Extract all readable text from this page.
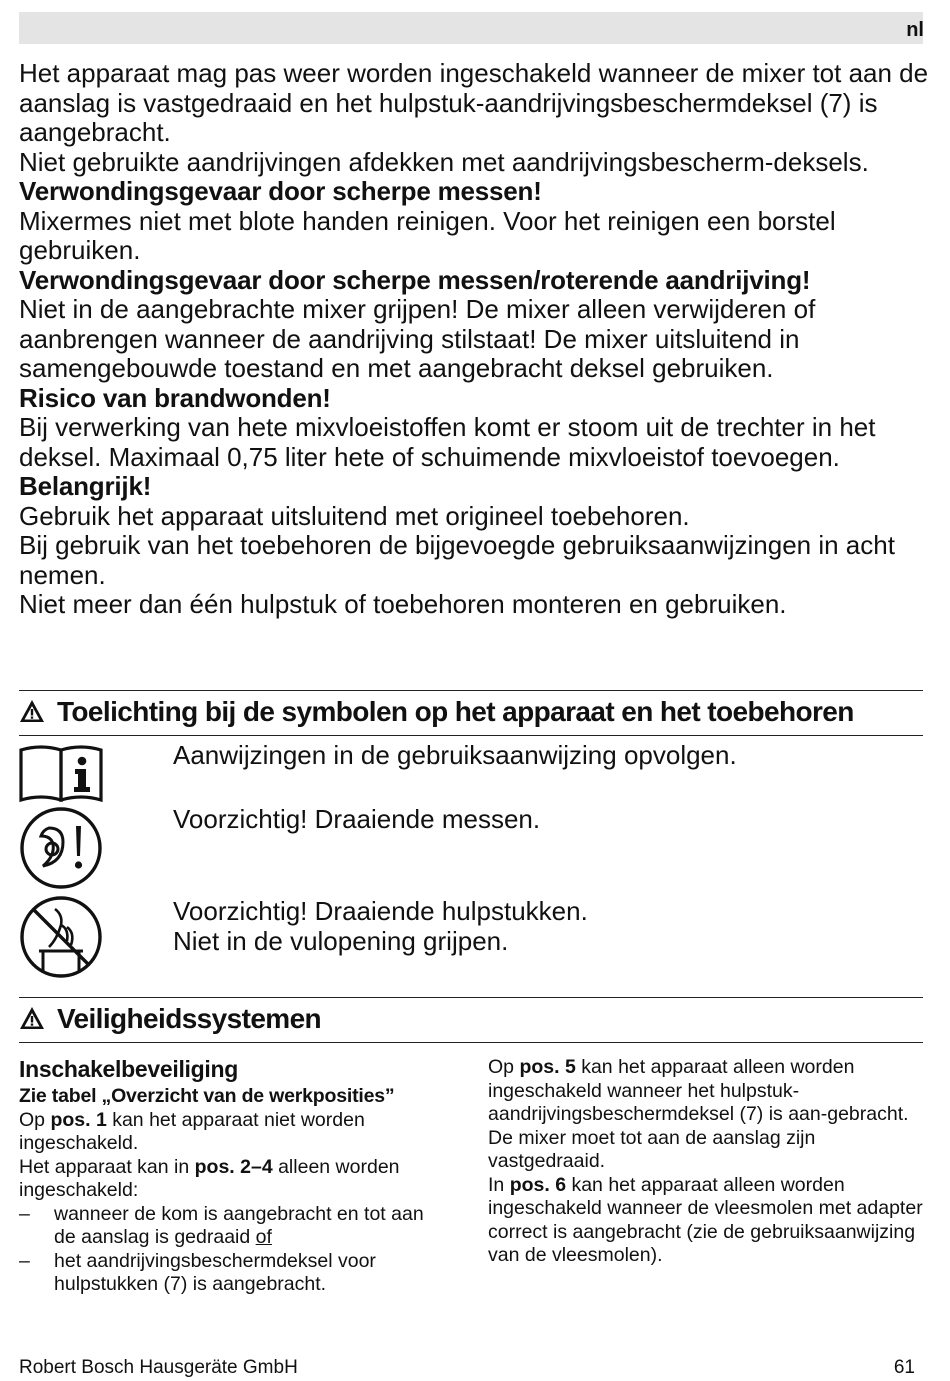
nl

Het apparaat mag pas weer worden ingeschakeld wanneer de mixer tot aan de aanslag is vastgedraaid en het hulpstuk-aandrijvingsbeschermdeksel (7) is aangebracht.

Niet gebruikte aandrijvingen afdekken met aandrijvingsbescherm-deksels.

Verwondingsgevaar door scherpe messen!

Mixermes niet met blote handen reinigen. Voor het reinigen een borstel gebruiken.

Verwondingsgevaar door scherpe messen/roterende aandrijving!

Niet in de aangebrachte mixer grijpen! De mixer alleen verwijderen of aanbrengen wanneer de aandrijving stilstaat! De mixer uitsluitend in samengebouwde toestand en met aangebracht deksel gebruiken.

Risico van brandwonden!

Bij verwerking van hete mixvloeistoffen komt er stoom uit de trechter in het deksel. Maximaal 0,75 liter hete of schuimende mixvloeistof toevoegen.

Belangrijk!

Gebruik het apparaat uitsluitend met origineel toebehoren.

Bij gebruik van het toebehoren de bijgevoegde gebruiksaanwijzingen in acht nemen.

Niet meer dan één hulpstuk of toebehoren monteren en gebruiken.

Toelichting bij de symbolen op het apparaat en het toebehoren
Aanwijzingen in de gebruiksaanwijzing opvolgen.
Voorzichtig! Draaiende messen.
Voorzichtig! Draaiende hulpstukken.
Niet in de vulopening grijpen.
Veiligheidssystemen

Inschakelbeveiliging

Zie tabel „Overzicht van de werkposities”

Op pos. 1 kan het apparaat niet worden ingeschakeld.

Het apparaat kan in pos. 2–4 alleen worden ingeschakeld:

– wanneer de kom is aangebracht en tot aan de aanslag is gedraaid of

– het aandrijvingsbeschermdeksel voor hulpstukken (7) is aangebracht.

Op pos. 5 kan het apparaat alleen worden ingeschakeld wanneer het hulpstuk-aandrijvingsbeschermdeksel (7) is aan-gebracht. De mixer moet tot aan de aanslag zijn vastgedraaid.

In pos. 6 kan het apparaat alleen worden ingeschakeld wanneer de vleesmolen met adapter correct is aangebracht (zie de gebruiksaanwijzing van de vleesmolen).

Robert Bosch Hausgeräte GmbH	61
